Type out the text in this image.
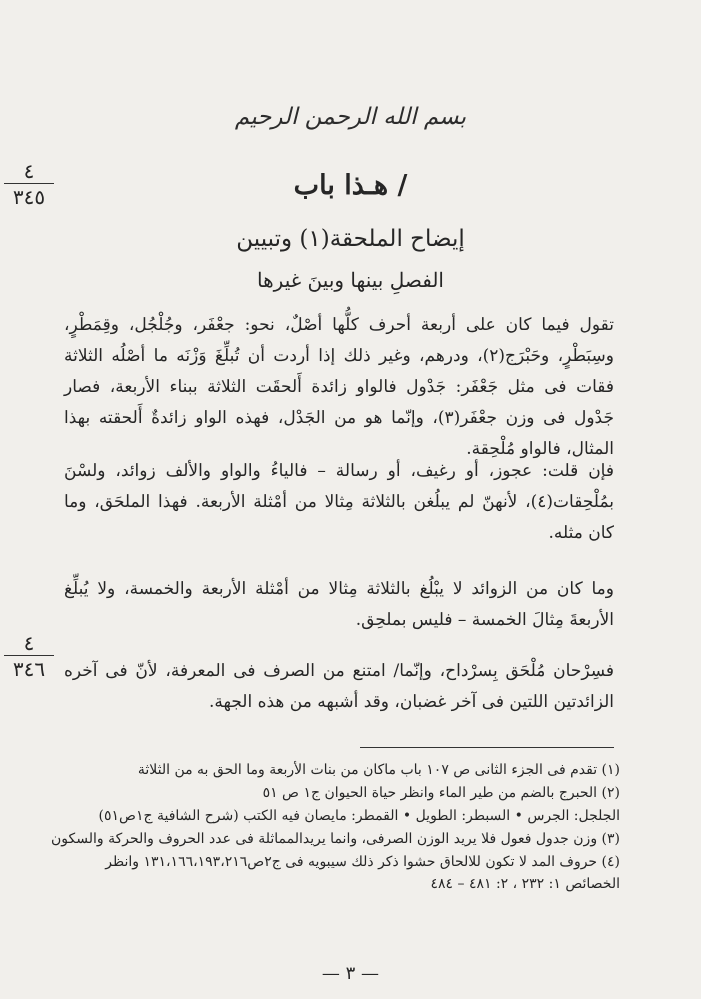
بسم الله الرحمن الرحيم
٤
٣٤٥	/ هـذا باب
إيضاح الملحقة(١) وتبيين
الفصلِ بينها وبينَ غيرها

تقول فيما كان على أربعة أحرف كلُّها أصْلٌ، نحو: جعْفَر، وجُلْجُل، وقِمَطْرٍ، وسِبَطْرٍ، وحَبْرَج(٢)، ودرهم، وغير ذلك إذا أردت أن تُبلِّغَ وَزْنَه ما أصْلُه الثلاثة فقات فى مثل جَعْفَر: جَدْول فالواو زائدة أَلحقَت الثلاثة ببناء الأربعة، فصار جَدْول فى وزن جعْفَر(٣)، وإنّما هو من الجَدْل، فهذه الواو زائدةٌ أَلحقته بهذا المثال، فالواو مُلْحِقة.

فإن قلت: عجوز، أو رغيف، أو رسالة – فالياءُ والواو والألف زوائد، ولسْنَ بمُلْحِقات(٤)، لأنهنّ لم يبلُغن بالثلاثة مِثالا من أمْثلة الأربعة. فهذا الملحَق، وما كان مثله.

وما كان من الزوائد لا يبْلُغ بالثلاثة مِثالا من أمْثلة الأربعة والخمسة، ولا يُبلِّغ الأربعةَ مِثالَ الخمسة – فليس بملحِق.

٤
٣٤٦	فسِرْحان مُلْحَق بِسرْداح، وإنّما/ امتنع من الصرف فى المعرفة، لأنّ فى آخره الزائدتين اللتين فى آخر غضبان، وقد أشبهه من هذه الجهة.

(١) تقدم فى الجزء الثانى ص ١٠٧ باب ماكان من بنات الأربعة وما الحق به من الثلاثة

(٢) الحبرج بالضم من طير الماء وانظر حياة الحيوان ج١ ص ٥١

الجلجل: الجرس • السبطر: الطويل • القمطر: مايصان فيه الكتب (شرح الشافية ج١ص٥١)

(٣) وزن جدول فعول فلا يريد الوزن الصرفى، وانما يريدالمماثلة فى عدد الحروف والحركة والسكون

(٤) حروف المد لا تكون للالحاق حشوا ذكر ذلك سيبويه فى ج٢ص١٣١،١٦٦،١٩٣،٢١٦ وانظر الخصائص ١: ٢٣٢ ، ٢: ٤٨١ – ٤٨٤

— ٣ —
